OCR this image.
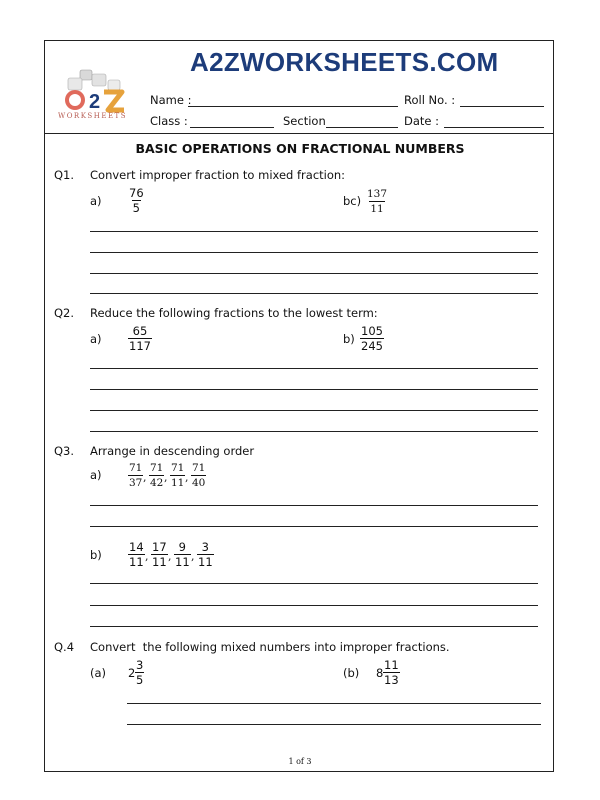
2
WORKSHEETS
A2ZWORKSHEETS.COM
Name :	Roll No. :
Class :	Section	Date :
BASIC OPERATIONS ON FRACTIONAL NUMBERS
Q1. Convert improper fraction to mixed fraction:
$a) \frac{76}{5}$	$bc) \frac{137}{11}$
Q2. Reduce the following fractions to the lowest term:
$a) \frac{65}{117}$	$b) \frac{105}{245}$
Q3. Arrange in descending order
a)	$\frac{71}{37}$ , $\frac{71}{42}$ , $\frac{71}{11}$ , $\frac{71}{40}$
$b) \frac{14}{11}$ , $\frac{17}{11}$ , $\frac{9}{11}$ , $\frac{3}{11}$
Q.4 Convert  the following mixed numbers into improper fractions.
(a) $2 \frac{3}{5}$	(b) $8 \frac{11}{13}$
1 of 3
